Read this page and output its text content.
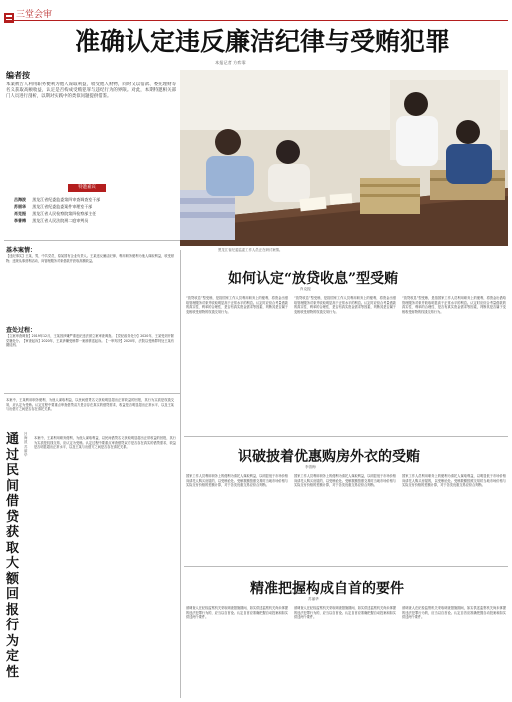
三堂会审
准确认定违反廉洁纪律与受贿犯罪
本报记者 方弈霏
编者按
本案被告人利用职务便利为他人谋取利益，收受他人财物，同时又以借款、委托理财等名义获取高额收益，认定是否构成受贿犯罪与违纪行为的界限。对此，本期特邀相关部门人员进行剖析，以期对实践中的类似问题提供借鉴。
特邀嘉宾
吕海波 黑龙江省纪委监委第四审查调查室干部
苏丽华 黑龙江省纪委监委案件审理室干部
肖克振 黑龙江省人民检察院第四检察部主任
李普梅 黑龙江省人民法院刑二庭审判员
黑龙江省纪委监委工作人员正在研讨案情。
基本案情：
【违纪事实】王某，男，中共党员，原某国有企业负责人。王某违反廉洁纪律，利用职务便利为他人谋取利益，收受财物；违规从事营利活动，向管理服务对象借款并获取高额收益。
查处过程：
【立案审查调查】2019年12月，王某因涉嫌严重违纪违法被立案审查调查。【党纪政务处分】2020年，王某受到开除党籍处分。【审查起诉】2020年，王某涉嫌受贿罪一案被移送起诉。【一审判决】2020年，法院以受贿罪判处王某有期徒刑。
本案中，王某利用职务便利，为他人谋取利益，以民间借贷名义获取明显超出正常收益的回报，其行为实质是权钱交易，应认定为受贿。认定过程中要重点审查借贷双方是否存在真实的借贷需求，收益是否明显超出正常水平，以及王某与出借方之间是否存在请托关系。
通过民间借贷获取大额回报行为定性
吕海波 苏丽华
本案中，王某利用职务便利，为他人谋取利益，以民间借贷名义获取明显超出正常收益的回报，其行为实质是权钱交易，应认定为受贿。认定过程中要重点审查借贷双方是否存在真实的借贷需求，收益是否明显超出正常水平，以及王某与出借方之间是否存在请托关系。
如何认定“放贷收息”型受贿
肖克振
“放贷收息”型受贿，是指国家工作人员利用职务上的便利，将资金出借给管理服务对象并收取明显高于正常水平的利息。认定时应综合考量借款的真实性、利率的合理性、是否有真实资金需求等因素，判断其是否属于变相收受财物的权钱交易行为。
“放贷收息”型受贿，是指国家工作人员利用职务上的便利，将资金出借给管理服务对象并收取明显高于正常水平的利息。认定时应综合考量借款的真实性、利率的合理性、是否有真实资金需求等因素，判断其是否属于变相收受财物的权钱交易行为。
“放贷收息”型受贿，是指国家工作人员利用职务上的便利，将资金出借给管理服务对象并收取明显高于正常水平的利息。认定时应综合考量借款的真实性、利率的合理性、是否有真实资金需求等因素，判断其是否属于变相收受财物的权钱交易行为。
识破披着优惠购房外衣的受贿
李普梅
国家工作人员利用职务上的便利为请托人谋取利益，以明显低于市场价格向请托人购买房屋的，以受贿论处。受贿数额按照交易时当地市场价格与实际支付价格的差额计算，对于各类优惠交易应综合判断。
国家工作人员利用职务上的便利为请托人谋取利益，以明显低于市场价格向请托人购买房屋的，以受贿论处。受贿数额按照交易时当地市场价格与实际支付价格的差额计算，对于各类优惠交易应综合判断。
国家工作人员利用职务上的便利为请托人谋取利益，以明显低于市场价格向请托人购买房屋的，以受贿论处。受贿数额按照交易时当地市场价格与实际支付价格的差额计算，对于各类优惠交易应综合判断。
精准把握构成自首的要件
苏丽华
被调查人在纪检监察机关采取调查措施期间，如实供述监察机关尚未掌握的违法犯罪行为的，应当以自首论。认定自首应准确把握自动投案和如实供述两个要件。
被调查人在纪检监察机关采取调查措施期间，如实供述监察机关尚未掌握的违法犯罪行为的，应当以自首论。认定自首应准确把握自动投案和如实供述两个要件。
被调查人在纪检监察机关采取调查措施期间，如实供述监察机关尚未掌握的违法犯罪行为的，应当以自首论。认定自首应准确把握自动投案和如实供述两个要件。
